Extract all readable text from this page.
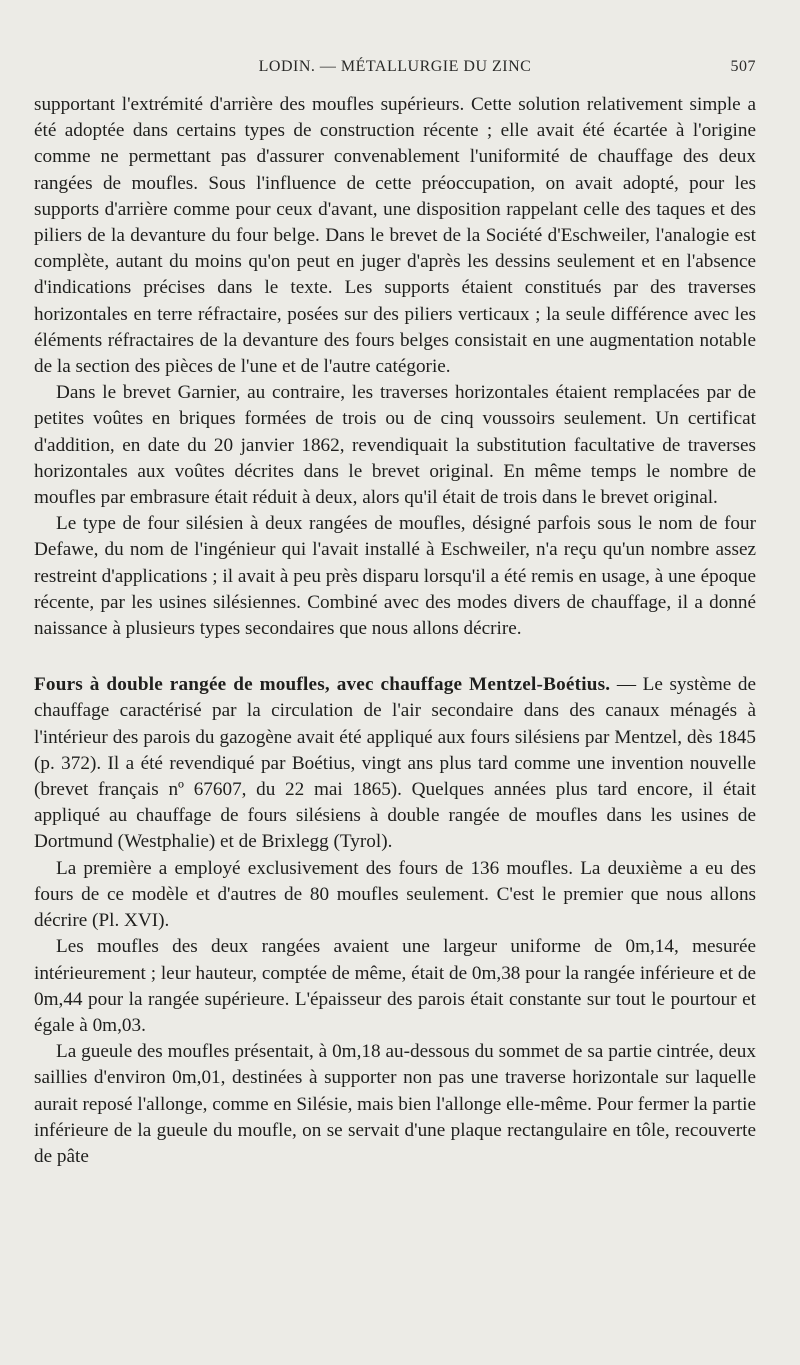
LODIN. — MÉTALLURGIE DU ZINC	507

supportant l'extrémité d'arrière des moufles supérieurs. Cette solution relativement simple a été adoptée dans certains types de construction récente ; elle avait été écartée à l'origine comme ne permettant pas d'assurer convenablement l'uniformité de chauffage des deux rangées de moufles. Sous l'influence de cette préoccupation, on avait adopté, pour les supports d'arrière comme pour ceux d'avant, une disposition rappelant celle des taques et des piliers de la devanture du four belge. Dans le brevet de la Société d'Eschweiler, l'analogie est complète, autant du moins qu'on peut en juger d'après les dessins seulement et en l'absence d'indications précises dans le texte. Les supports étaient constitués par des traverses horizontales en terre réfractaire, posées sur des piliers verticaux ; la seule différence avec les éléments réfractaires de la devanture des fours belges consistait en une augmentation notable de la section des pièces de l'une et de l'autre catégorie.

Dans le brevet Garnier, au contraire, les traverses horizontales étaient remplacées par de petites voûtes en briques formées de trois ou de cinq voussoirs seulement. Un certificat d'addition, en date du 20 janvier 1862, revendiquait la substitution facultative de traverses horizontales aux voûtes décrites dans le brevet original. En même temps le nombre de moufles par embrasure était réduit à deux, alors qu'il était de trois dans le brevet original.

Le type de four silésien à deux rangées de moufles, désigné parfois sous le nom de four Defawe, du nom de l'ingénieur qui l'avait installé à Eschweiler, n'a reçu qu'un nombre assez restreint d'applications ; il avait à peu près disparu lorsqu'il a été remis en usage, à une époque récente, par les usines silésiennes. Combiné avec des modes divers de chauffage, il a donné naissance à plusieurs types secondaires que nous allons décrire.

Fours à double rangée de moufles, avec chauffage Mentzel-Boétius. — Le système de chauffage caractérisé par la circulation de l'air secondaire dans des canaux ménagés à l'intérieur des parois du gazogène avait été appliqué aux fours silésiens par Mentzel, dès 1845 (p. 372). Il a été revendiqué par Boétius, vingt ans plus tard comme une invention nouvelle (brevet français nº 67607, du 22 mai 1865). Quelques années plus tard encore, il était appliqué au chauffage de fours silésiens à double rangée de moufles dans les usines de Dortmund (Westphalie) et de Brixlegg (Tyrol).

La première a employé exclusivement des fours de 136 moufles. La deuxième a eu des fours de ce modèle et d'autres de 80 moufles seulement. C'est le premier que nous allons décrire (Pl. XVI).

Les moufles des deux rangées avaient une largeur uniforme de 0m,14, mesurée intérieurement ; leur hauteur, comptée de même, était de 0m,38 pour la rangée inférieure et de 0m,44 pour la rangée supérieure. L'épaisseur des parois était constante sur tout le pourtour et égale à 0m,03.

La gueule des moufles présentait, à 0m,18 au-dessous du sommet de sa partie cintrée, deux saillies d'environ 0m,01, destinées à supporter non pas une traverse horizontale sur laquelle aurait reposé l'allonge, comme en Silésie, mais bien l'allonge elle-même. Pour fermer la partie inférieure de la gueule du moufle, on se servait d'une plaque rectangulaire en tôle, recouverte de pâte
